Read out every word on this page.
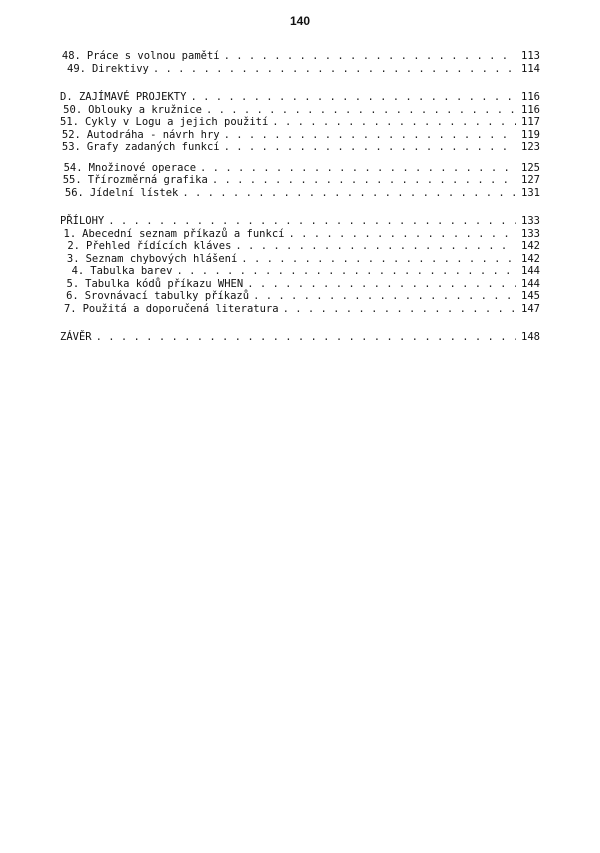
140
48. Práce s volnou pamětí . . .	113
49. Direktivy . . .	114
D. ZAJÍMAVÉ PROJEKTY . . .	116
50. Oblouky a kružnice . . .	116
51. Cykly v Logu a jejich použití . . .	117
52. Autodráha - návrh hry . . .	119
53. Grafy zadaných funkcí . . .	123
54. Množinové operace . . .	125
55. Třírozměrná grafika . . .	127
56. Jídelní lístek . . .	131
PŘÍLOHY . . .	133
1. Abecední seznam příkazů a funkcí . . .	133
2. Přehled řídících kláves . . .	142
3. Seznam chybových hlášení . . .	142
4. Tabulka barev . . .	144
5. Tabulka kódů příkazu WHEN . . .	144
6. Srovnávací tabulky příkazů . . .	145
7. Použitá a doporučená literatura . . .	147
ZÁVĚR . . .	148
